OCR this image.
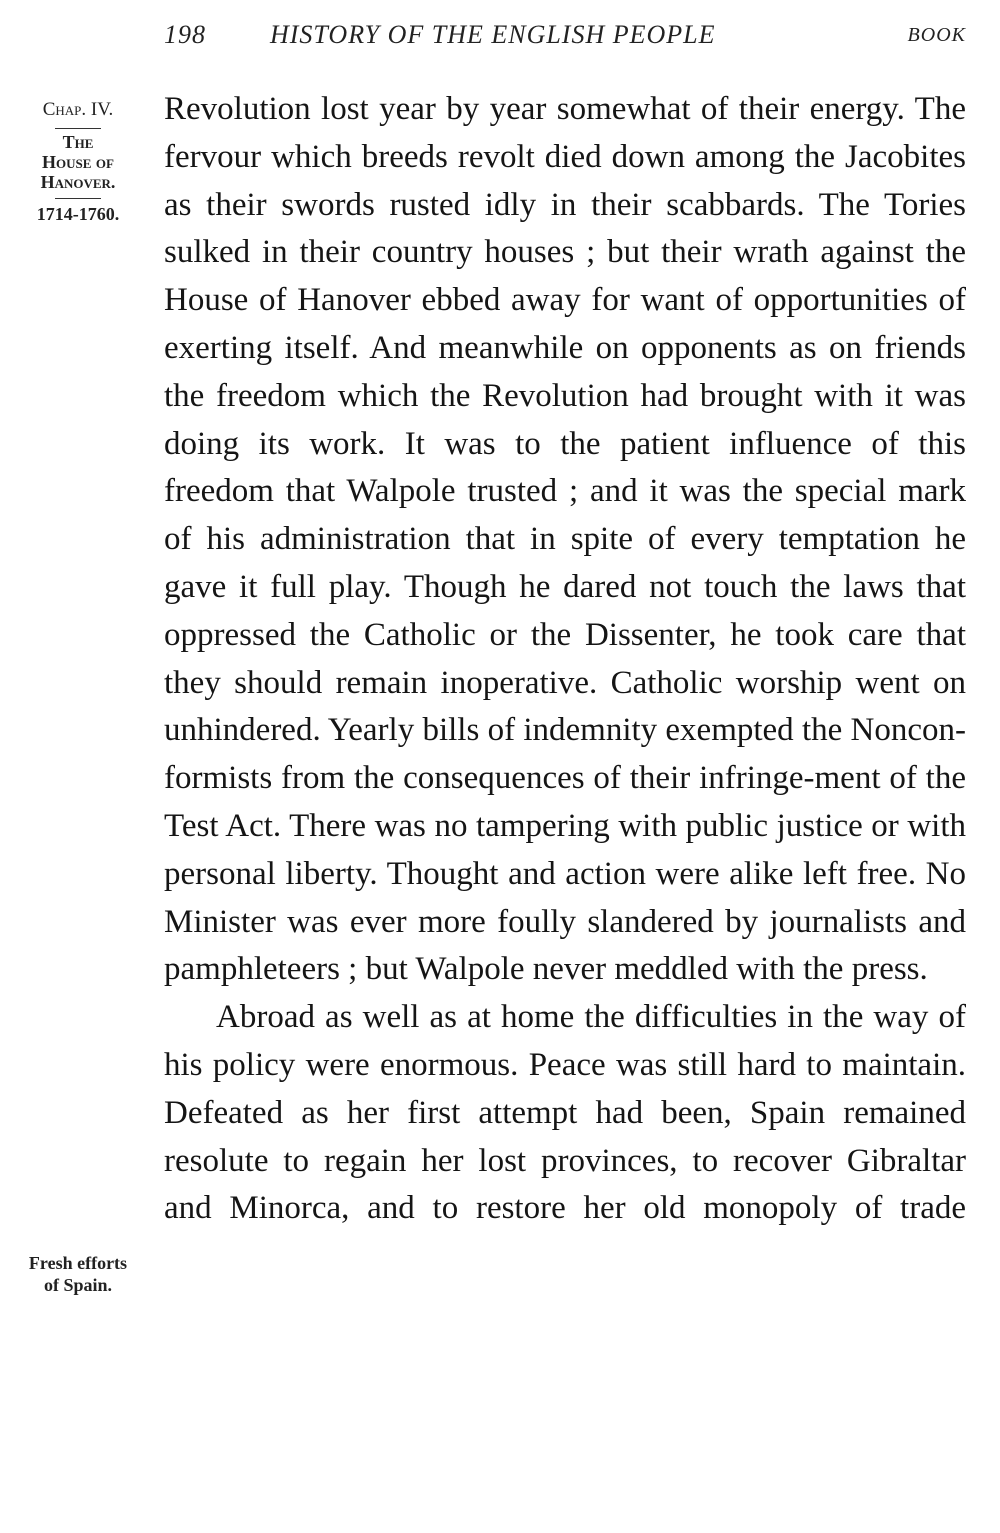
198 HISTORY OF THE ENGLISH PEOPLE	BOOK
Chap. IV.
The
House of
Hanover.
1714-1760.
Fresh efforts
of Spain.

Revolution lost year by year somewhat of their energy. The fervour which breeds revolt died down among the Jacobites as their swords rusted idly in their scabbards. The Tories sulked in their country houses ; but their wrath against the House of Hanover ebbed away for want of opportunities of exerting itself. And meanwhile on opponents as on friends the freedom which the Revolution had brought with it was doing its work. It was to the patient influence of this freedom that Walpole trusted ; and it was the special mark of his administration that in spite of every temptation he gave it full play. Though he dared not touch the laws that oppressed the Catholic or the Dissenter, he took care that they should remain inoperative. Catholic worship went on unhindered. Yearly bills of indemnity exempted the Noncon-formists from the consequences of their infringe-ment of the Test Act. There was no tampering with public justice or with personal liberty. Thought and action were alike left free. No Minister was ever more foully slandered by journalists and pamphleteers ; but Walpole never meddled with the press.

Abroad as well as at home the difficulties in the way of his policy were enormous. Peace was still hard to maintain. Defeated as her first attempt had been, Spain remained resolute to regain her lost provinces, to recover Gibraltar and Minorca, and to restore her old monopoly of trade
